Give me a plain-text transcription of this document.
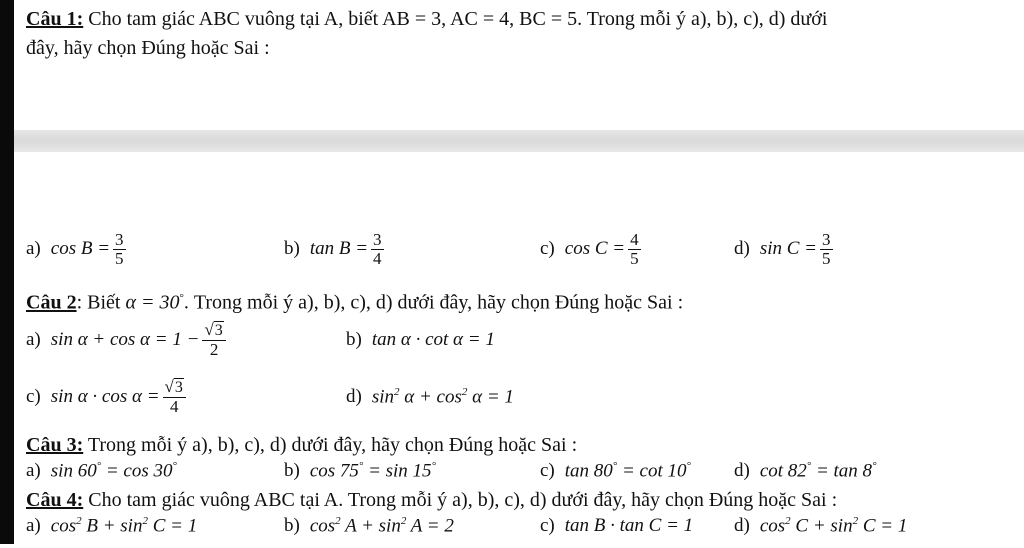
Câu 1: Cho tam giác ABC vuông tại A, biết AB = 3, AC = 4, BC = 5. Trong mỗi ý a), b), c), d) dưới
đây, hãy chọn Đúng hoặc Sai :
a) $\cos B = \frac{3}{5}$	b) $\tan B = \frac{3}{4}$	c) $\cos C = \frac{4}{5}$	d) $\sin C = \frac{3}{5}$
Câu 2: Biết α = 30°. Trong mỗi ý a), b), c), d) dưới đây, hãy chọn Đúng hoặc Sai :
a) $\sin \alpha + \cos \alpha = 1 - \frac{√3}{2}$	b) tan α · cot α = 1
c) $\sin \alpha \cdot \cos \alpha = \frac{√3}{4}$	d) $\sin^2 \alpha + \cos^2 \alpha = 1$
Câu 3: Trong mỗi ý a), b), c), d) dưới đây, hãy chọn Đúng hoặc Sai :
a) sin 60° = cos 30°	b) cos 75° = sin 15°	c) tan 80° = cot 10° d) cot 82° = tan 8°
Câu 4: Cho tam giác vuông ABC tại A. Trong mỗi ý a), b), c), d) dưới đây, hãy chọn Đúng hoặc Sai :
a) $\cos^2 B + \sin^2 C = 1$	b) $\cos^2 A + \sin^2 A = 2$	c) tan B · tan C = 1 d) $\cos^2 C + \sin^2 C = 1$
